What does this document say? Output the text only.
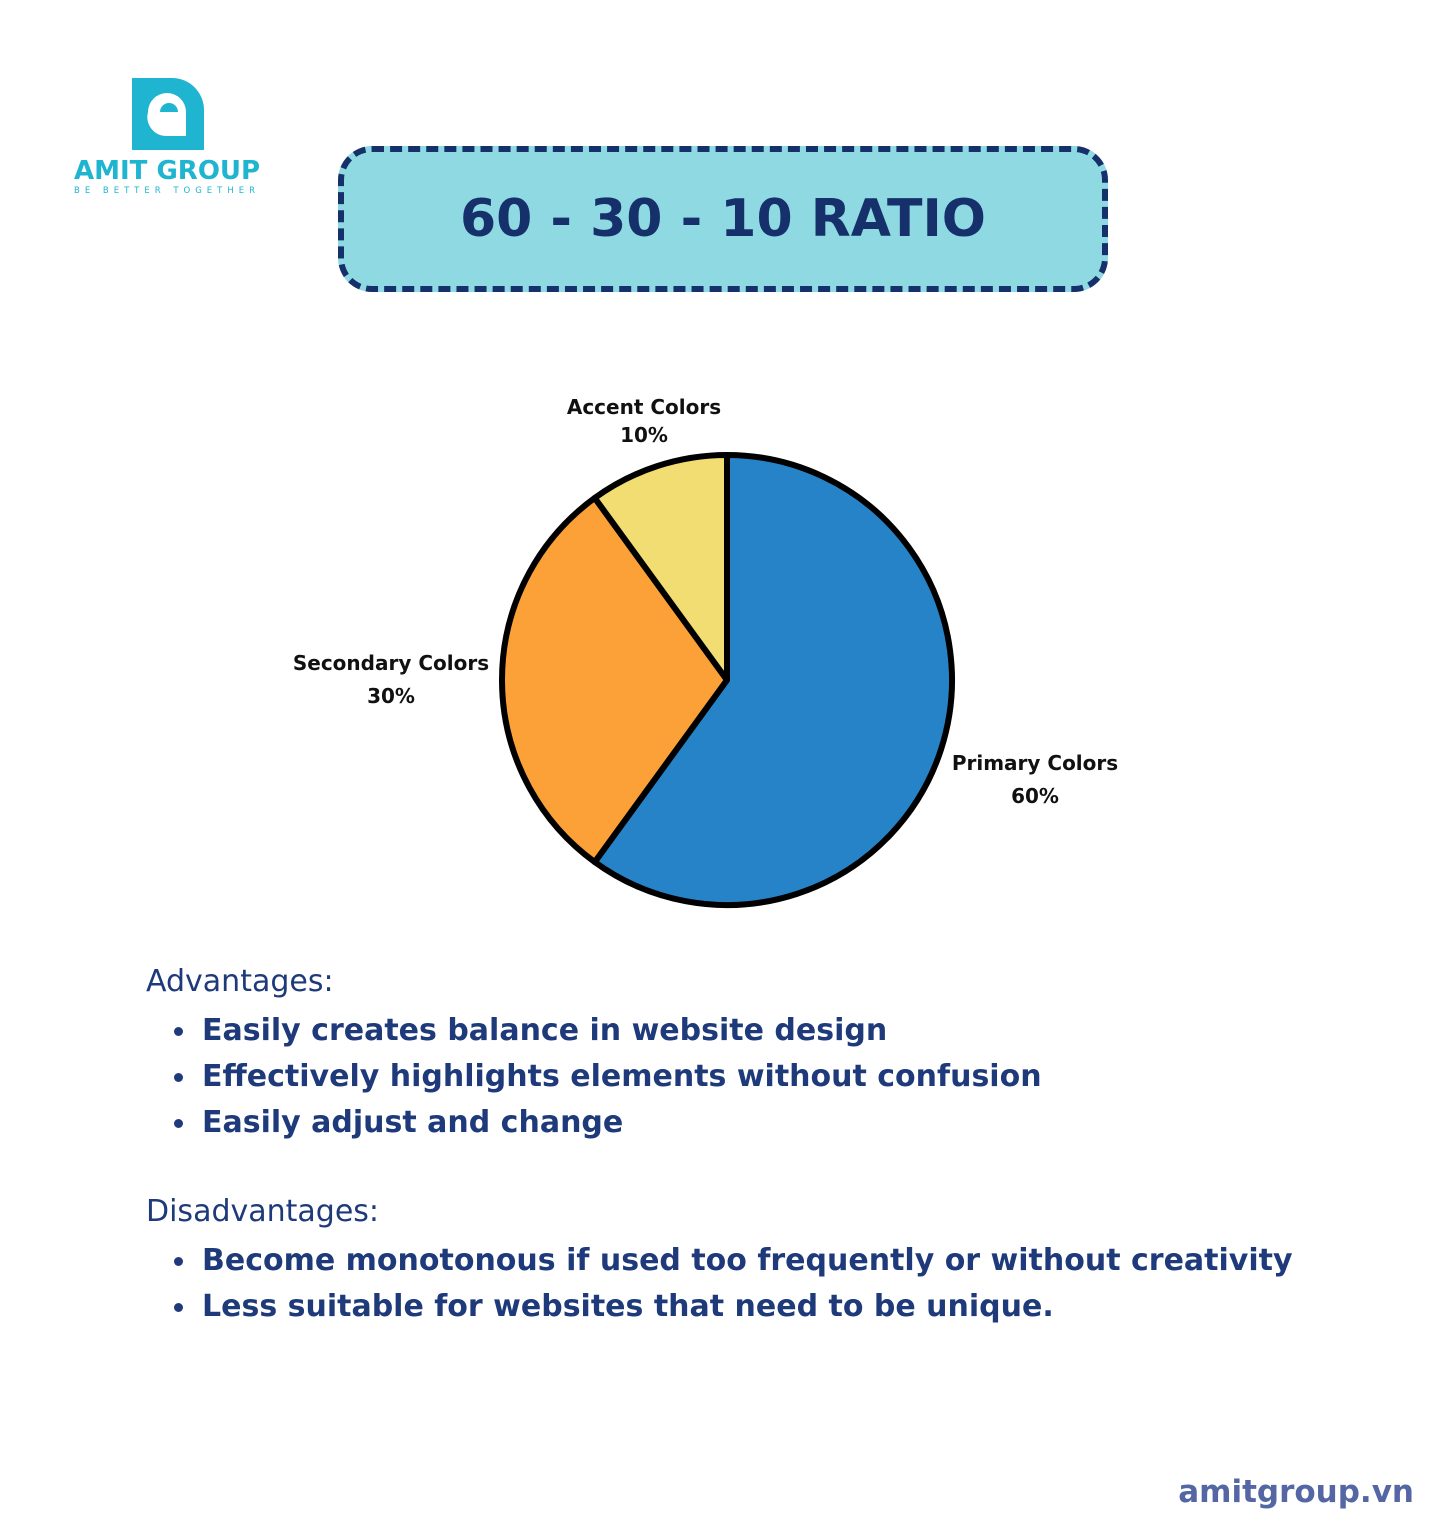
AMIT GROUP
BE BETTER TOGETHER	60 - 30 - 10 RATIO
Accent Colors
10%
Secondary Colors
30%
Primary Colors
60%
Advantages:
Easily creates balance in website design
Effectively highlights elements without confusion
Easily adjust and change
Disadvantages:
Become monotonous if used too frequently or without creativity
Less suitable for websites that need to be unique.
amitgroup.vn
